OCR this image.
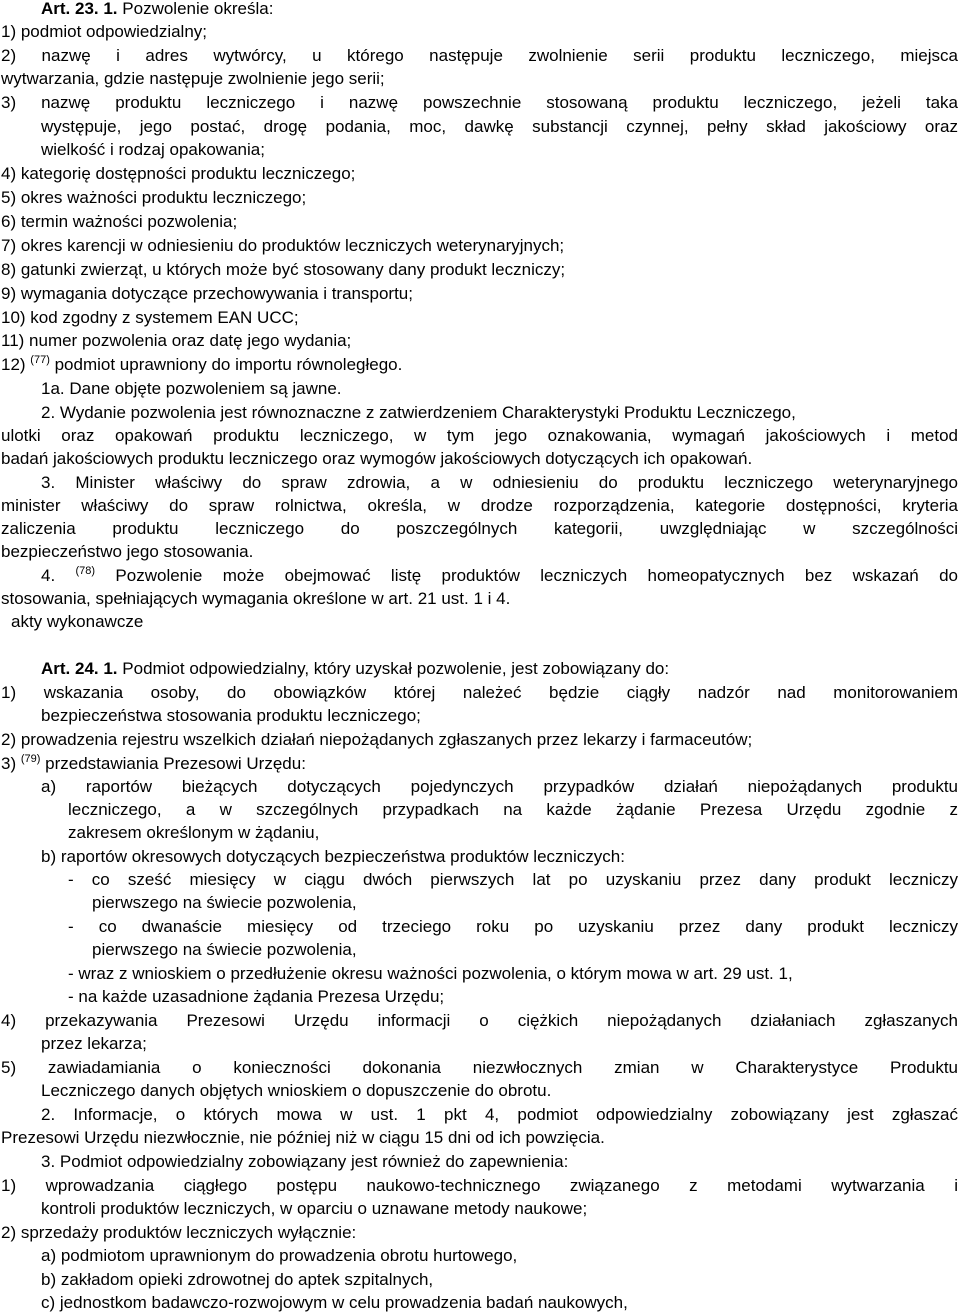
Art. 23. 1. Pozwolenie określa:
1) podmiot odpowiedzialny;
2) nazwę i adres wytwórcy, u którego następuje zwolnienie serii produktu leczniczego, miejsca
wytwarzania, gdzie następuje zwolnienie jego serii;
3) nazwę produktu leczniczego i nazwę powszechnie stosowaną produktu leczniczego, jeżeli taka
występuje, jego postać, drogę podania, moc, dawkę substancji czynnej, pełny skład jakościowy oraz
wielkość i rodzaj opakowania;
4) kategorię dostępności produktu leczniczego;
5) okres ważności produktu leczniczego;
6) termin ważności pozwolenia;
7) okres karencji w odniesieniu do produktów leczniczych weterynaryjnych;
8) gatunki zwierząt, u których może być stosowany dany produkt leczniczy;
9) wymagania dotyczące przechowywania i transportu;
10) kod zgodny z systemem EAN UCC;
11) numer pozwolenia oraz datę jego wydania;
12) $^{(77)}$ podmiot uprawniony do importu równoległego.
1a. Dane objęte pozwoleniem są jawne.
2. Wydanie pozwolenia jest równoznaczne z zatwierdzeniem Charakterystyki Produktu Leczniczego,
ulotki oraz opakowań produktu leczniczego, w tym jego oznakowania, wymagań jakościowych i metod
badań jakościowych produktu leczniczego oraz wymogów jakościowych dotyczących ich opakowań.
3. Minister właściwy do spraw zdrowia, a w odniesieniu do produktu leczniczego weterynaryjnego
minister właściwy do spraw rolnictwa, określa, w drodze rozporządzenia, kategorie dostępności, kryteria
zaliczenia produktu leczniczego do poszczególnych kategorii, uwzględniając w szczególności
bezpieczeństwo jego stosowania.
4. $^{(78)}$ Pozwolenie może obejmować listę produktów leczniczych homeopatycznych bez wskazań do
stosowania, spełniających wymagania określone w art. 21 ust. 1 i 4.
akty wykonawcze
Art. 24. 1. Podmiot odpowiedzialny, który uzyskał pozwolenie, jest zobowiązany do:
1) wskazania osoby, do obowiązków której należeć będzie ciągły nadzór nad monitorowaniem
bezpieczeństwa stosowania produktu leczniczego;
2) prowadzenia rejestru wszelkich działań niepożądanych zgłaszanych przez lekarzy i farmaceutów;
3) $^{(79)}$ przedstawiania Prezesowi Urzędu:
a) raportów bieżących dotyczących pojedynczych przypadków działań niepożądanych produktu
leczniczego, a w szczególnych przypadkach na każde żądanie Prezesa Urzędu zgodnie z
zakresem określonym w żądaniu,
b) raportów okresowych dotyczących bezpieczeństwa produktów leczniczych:
- co sześć miesięcy w ciągu dwóch pierwszych lat po uzyskaniu przez dany produkt leczniczy
pierwszego na świecie pozwolenia,
- co dwanaście miesięcy od trzeciego roku po uzyskaniu przez dany produkt leczniczy
pierwszego na świecie pozwolenia,
- wraz z wnioskiem o przedłużenie okresu ważności pozwolenia, o którym mowa w art. 29 ust. 1,
- na każde uzasadnione żądania Prezesa Urzędu;
4) przekazywania Prezesowi Urzędu informacji o ciężkich niepożądanych działaniach zgłaszanych
przez lekarza;
5) zawiadamiania o konieczności dokonania niezwłocznych zmian w Charakterystyce Produktu
Leczniczego danych objętych wnioskiem o dopuszczenie do obrotu.
2. Informacje, o których mowa w ust. 1 pkt 4, podmiot odpowiedzialny zobowiązany jest zgłaszać
Prezesowi Urzędu niezwłocznie, nie później niż w ciągu 15 dni od ich powzięcia.
3. Podmiot odpowiedzialny zobowiązany jest również do zapewnienia:
1) wprowadzania ciągłego postępu naukowo-technicznego związanego z metodami wytwarzania i
kontroli produktów leczniczych, w oparciu o uznawane metody naukowe;
2) sprzedaży produktów leczniczych wyłącznie:
a) podmiotom uprawnionym do prowadzenia obrotu hurtowego,
b) zakładom opieki zdrowotnej do aptek szpitalnych,
c) jednostkom badawczo-rozwojowym w celu prowadzenia badań naukowych,
